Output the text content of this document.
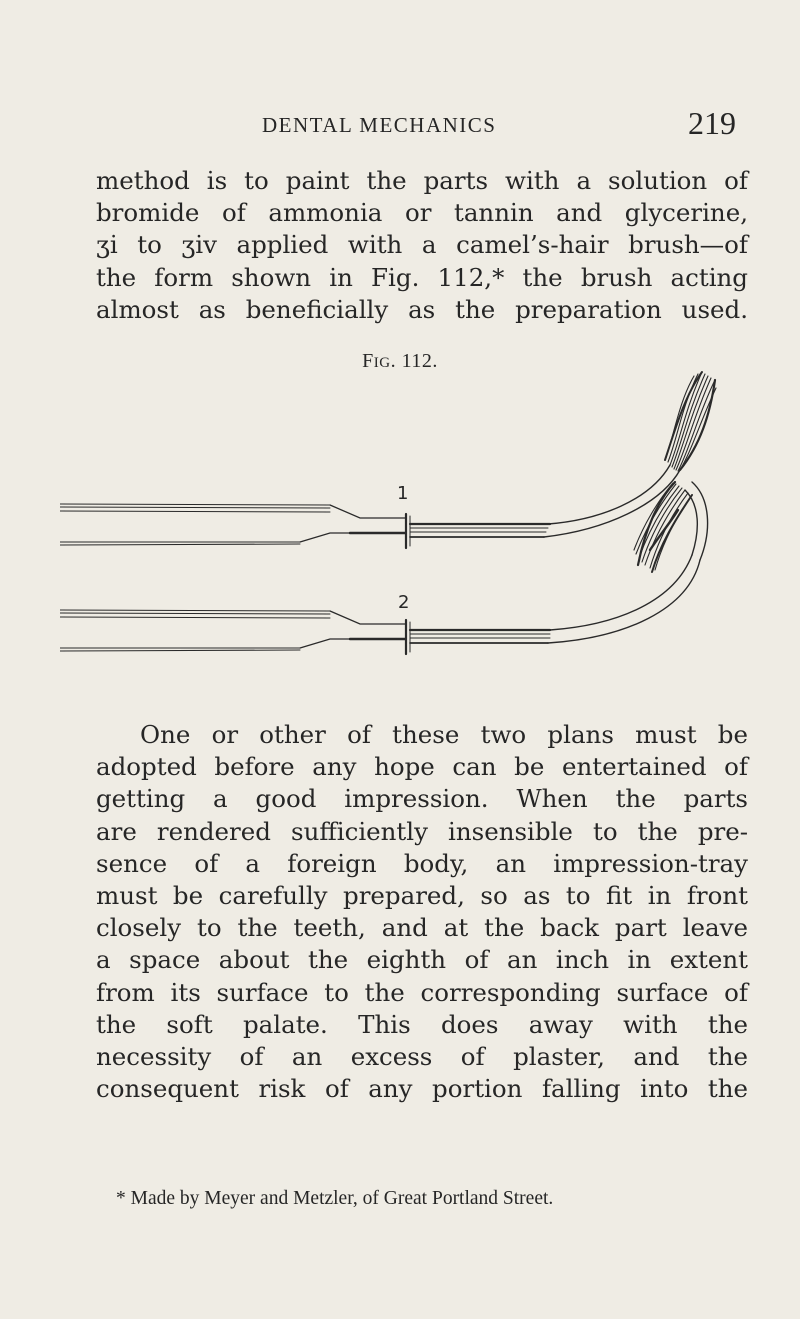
DENTAL MECHANICS	219
method is to paint the parts with a solution of
bromide of ammonia or tannin and glycerine,
ʒi to ʒiv applied with a camel’s-hair brush—of
the form shown in Fig. 112,* the brush acting
almost as beneficially as the preparation used.
FIG. 112.
1
2
One or other of these two plans must be
adopted before any hope can be entertained of
getting a good impression. When the parts
are rendered sufficiently insensible to the pre-
sence of a foreign body, an impression-tray
must be carefully prepared, so as to fit in front
closely to the teeth, and at the back part leave
a space about the eighth of an inch in extent
from its surface to the corresponding surface of
the soft palate. This does away with the
necessity of an excess of plaster, and the
consequent risk of any portion falling into the
* Made by Meyer and Metzler, of Great Portland Street.
